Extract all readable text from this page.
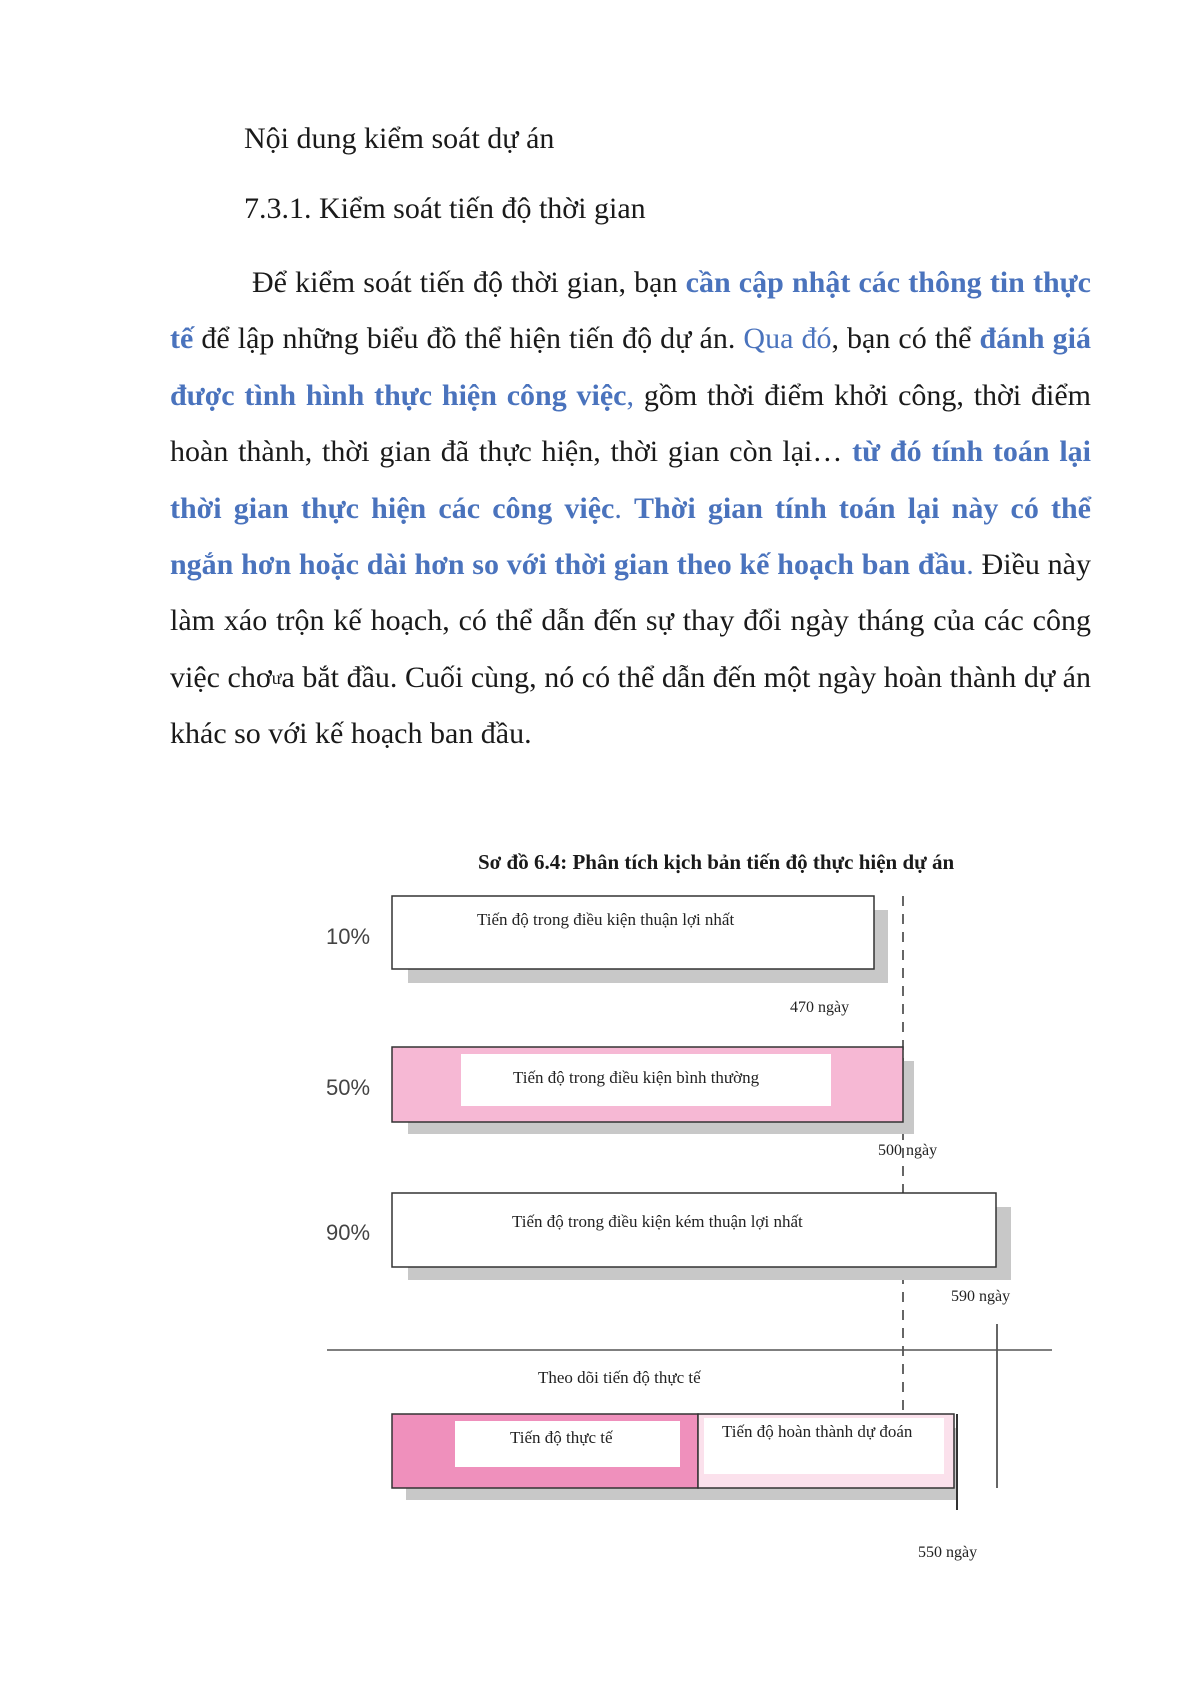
Nội dung kiểm soát dự án
7.3.1. Kiểm soát tiến độ thời gian

Để kiểm soát tiến độ thời gian, bạn cần cập nhật các thông tin thực tế để lập những biểu đồ thể hiện tiến độ dự án. Qua đó, bạn có thể đánh giá được tình hình thực hiện công việc, gồm thời điểm khởi công, thời điểm hoàn thành, thời gian đã thực hiện, thời gian còn lại… từ đó tính toán lại thời gian thực hiện các công việc. Thời gian tính toán lại này có thể ngắn hơn hoặc dài hơn so với thời gian theo kế hoạch ban đầu. Điều này làm xáo trộn kế hoạch, có thể dẫn đến sự thay đổi ngày tháng của các công việc chơ$^ư$a bắt đầu. Cuối cùng, nó có thể dẫn đến một ngày hoàn thành dự án khác so với kế hoạch ban đầu.

Sơ đồ 6.4: Phân tích kịch bản tiến độ thực hiện dự án
10%
Tiến độ trong điều kiện thuận lợi nhất
470 ngày
50%	Tiến độ trong điều kiện bình thường
500 ngày
90%	Tiến độ trong điều kiện kém thuận lợi nhất
590 ngày
Theo dõi tiến độ thực tế
Tiến độ thực tế	Tiến độ hoàn thành dự đoán
550 ngày
